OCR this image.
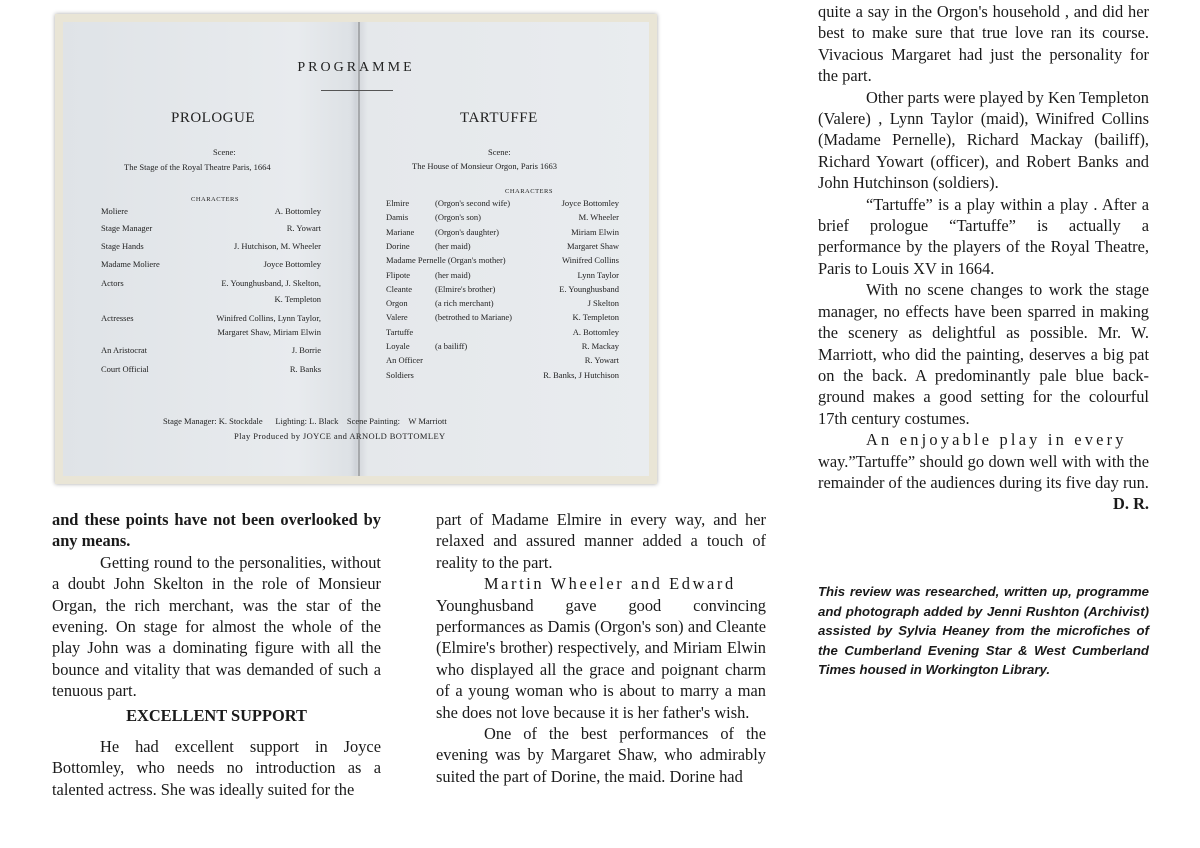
PROGRAMME
PROLOGUE
Scene:
The Stage of the Royal Theatre Paris, 1664
CHARACTERS
Moliere	A. Bottomley
Stage Manager	R. Yowart
Stage Hands	J. Hutchison, M. Wheeler
Madame Moliere	Joyce Bottomley
Actors	E. Younghusband, J. Skelton,
K. Templeton
Actresses	Winifred Collins, Lynn Taylor,
Margaret Shaw, Miriam Elwin
An Aristocrat	J. Borrie
Court Official	R. Banks
TARTUFFE
Scene:
The House of Monsieur Orgon, Paris 1663
CHARACTERS
Elmire	(Orgon's second wife)	Joyce Bottomley
Damis	(Orgon's son)	M. Wheeler
Mariane (Orgon's daughter)	Miriam Elwin
Dorine	(her maid)	Margaret Shaw
Madame Pernelle (Organ's mother)	Winifred Collins
Flipote	(her maid)	Lynn Taylor
Cleante	(Elmire's brother)	E. Younghusband
Orgon	(a rich merchant)	J Skelton
Valere	(betrothed to Mariane)	K. Templeton
Tartuffe	A. Bottomley
Loyale	(a bailiff)	R. Mackay
An Officer	R. Yowart
Soldiers	R. Banks, J Hutchison
Stage Manager: K. Stockdale      Lighting: L. Black    Scene Painting:    W Marriott
Play Produced by JOYCE and ARNOLD BOTTOMLEY

and these points have not been overlooked by any means.

Getting round to the personalities, without a doubt John Skelton in the role of Monsieur Organ, the rich merchant, was the star of the evening. On stage for almost the whole of the play John was a dominating figure with all the bounce and vitality that was demanded of such a tenuous part.

EXCELLENT SUPPORT

He had excellent support in Joyce Bottomley, who needs no introduction as a talented actress. She was ideally suited for the

part of Madame Elmire in every way, and her relaxed and assured manner added a touch of reality to the part.

Martin Wheeler and Edward

Younghusband gave good convincing performances as Damis (Orgon's son) and Cleante (Elmire's brother) respectively, and Miriam Elwin who displayed all the grace and poignant charm of a young woman who is about to marry a man she does not love because it is her father's wish.

One of the best performances of the evening was by Margaret Shaw, who admirably suited the part of Dorine, the maid. Dorine had

quite a say in the Orgon's household , and did her best to make sure that true love ran its course. Vivacious Margaret had just the personality for the part.

Other parts were played by Ken Templeton (Valere) , Lynn Taylor (maid), Winifred Collins (Madame Pernelle), Richard Mackay (bailiff), Richard Yowart (officer), and Robert Banks and John Hutchinson (soldiers).

“Tartuffe” is a play within a play . After a brief prologue “Tartuffe” is actually a performance by the players of the Royal Theatre, Paris to Louis XV in 1664.

With no scene changes to work the stage manager, no effects have been sparred in making the scenery as delightful as possible. Mr. W. Marriott, who did the painting, deserves a big pat on the back. A predominantly pale blue back-ground makes a good setting for the colourful 17th century costumes.

An enjoyable play in every

way.”Tartuffe” should go down well with with the remainder of the audiences during its five day run.

D. R.

This review was researched, written up, programme and photograph added by Jenni Rushton (Archivist) assisted by Sylvia Heaney from the microfiches of the Cumberland Evening Star & West Cumberland Times housed in Workington Library.
